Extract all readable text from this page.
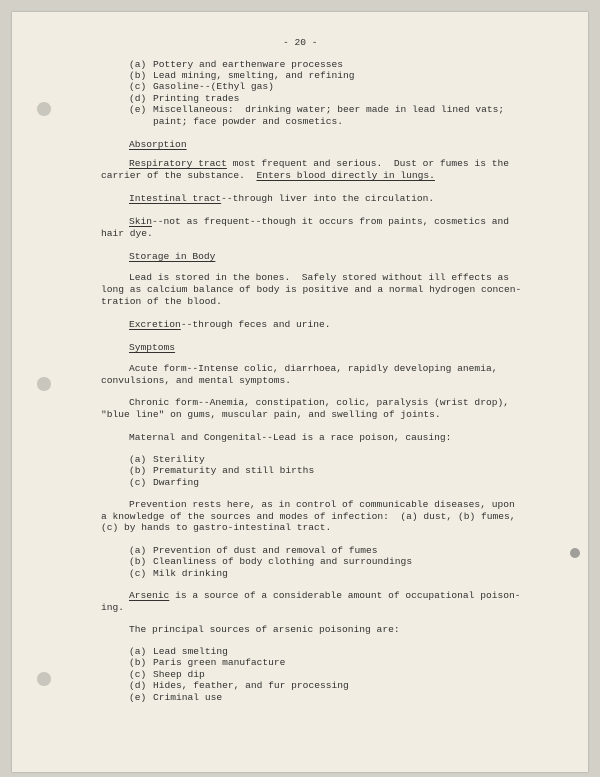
- 20 -
(a) Pottery and earthenware processes
(b) Lead mining, smelting, and refining
(c) Gasoline--(Ethyl gas)
(d) Printing trades
(e) Miscellaneous:  drinking water; beer made in lead lined vats;
paint; face powder and cosmetics.
Absorption
Respiratory tract most frequent and serious.  Dust or fumes is the
carrier of the substance.  Enters blood directly in lungs.
Intestinal tract--through liver into the circulation.
Skin--not as frequent--though it occurs from paints, cosmetics and
hair dye.
Storage in Body
Lead is stored in the bones.  Safely stored without ill effects as
long as calcium balance of body is positive and a normal hydrogen concen-
tration of the blood.
Excretion--through feces and urine.
Symptoms
Acute form--Intense colic, diarrhoea, rapidly developing anemia,
convulsions, and mental symptoms.
Chronic form--Anemia, constipation, colic, paralysis (wrist drop),
"blue line" on gums, muscular pain, and swelling of joints.
Maternal and Congenital--Lead is a race poison, causing:
(a) Sterility
(b) Prematurity and still births
(c) Dwarfing
Prevention rests here, as in control of communicable diseases, upon
a knowledge of the sources and modes of infection:  (a) dust, (b) fumes,
(c) by hands to gastro-intestinal tract.
(a) Prevention of dust and removal of fumes
(b) Cleanliness of body clothing and surroundings
(c) Milk drinking
Arsenic is a source of a considerable amount of occupational poison-
ing.
The principal sources of arsenic poisoning are:
(a) Lead smelting
(b) Paris green manufacture
(c) Sheep dip
(d) Hides, feather, and fur processing
(e) Criminal use
